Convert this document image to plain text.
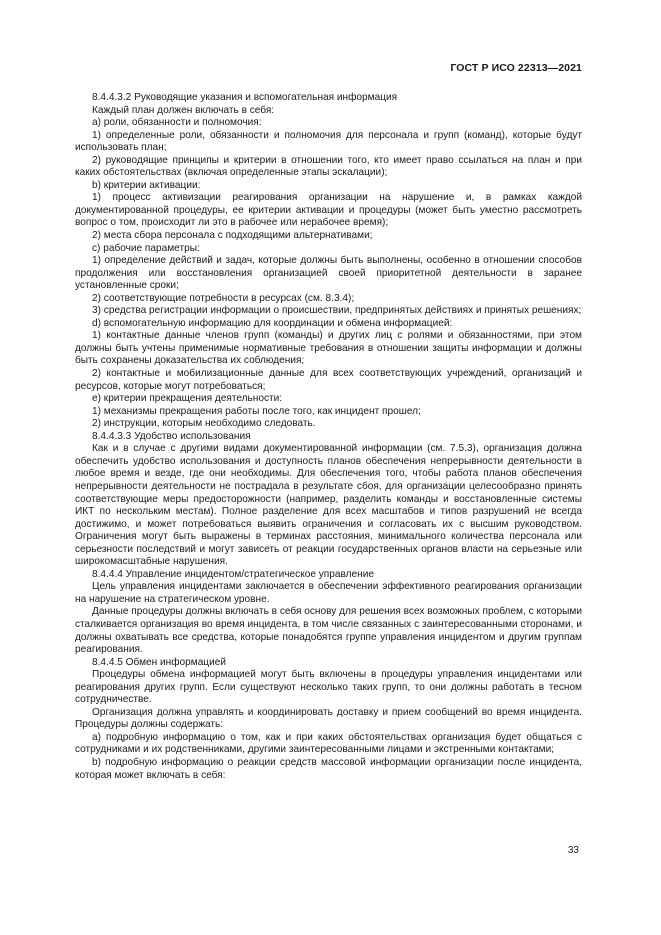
ГОСТ Р ИСО 22313—2021

8.4.4.3.2 Руководящие указания и вспомогательная информация

Каждый план должен включать в себя:

a) роли, обязанности и полномочия:

1) определенные роли, обязанности и полномочия для персонала и групп (команд), которые будут использовать план;

2) руководящие принципы и критерии в отношении того, кто имеет право ссылаться на план и при каких обстоятельствах (включая определенные этапы эскалации);

b) критерии активации:

1) процесс активизации реагирования организации на нарушение и, в рамках каждой документированной процедуры, ее критерии активации и процедуры (может быть уместно рассмотреть вопрос о том, происходит ли это в рабочее или нерабочее время);

2) места сбора персонала с подходящими альтернативами;

c) рабочие параметры:

1) определение действий и задач, которые должны быть выполнены, особенно в отношении способов продолжения или восстановления организацией своей приоритетной деятельности в заранее установленные сроки;

2) соответствующие потребности в ресурсах (см. 8.3.4);

3) средства регистрации информации о происшествии, предпринятых действиях и принятых решениях;

d) вспомогательную информацию для координации и обмена информацией:

1) контактные данные членов групп (команды) и других лиц с ролями и обязанностями, при этом должны быть учтены применимые нормативные требования в отношении защиты информации и должны быть сохранены доказательства их соблюдения;

2) контактные и мобилизационные данные для всех соответствующих учреждений, организаций и ресурсов, которые могут потребоваться;

e) критерии прекращения деятельности:

1) механизмы прекращения работы после того, как инцидент прошел;

2) инструкции, которым необходимо следовать.

8.4.4.3.3 Удобство использования

Как и в случае с другими видами документированной информации (см. 7.5.3), организация должна обеспечить удобство использования и доступность планов обеспечения непрерывности деятельности в любое время и везде, где они необходимы. Для обеспечения того, чтобы работа планов обеспечения непрерывности деятельности не пострадала в результате сбоя, для организации целесообразно принять соответствующие меры предосторожности (например, разделить команды и восстановленные системы ИКТ по нескольким местам). Полное разделение для всех масштабов и типов разрушений не всегда достижимо, и может потребоваться выявить ограничения и согласовать их с высшим руководством. Ограничения могут быть выражены в терминах расстояния, минимального количества персонала или серьезности последствий и могут зависеть от реакции государственных органов власти на серьезные или широкомасштабные нарушения.

8.4.4.4 Управление инцидентом/стратегическое управление

Цель управления инцидентами заключается в обеспечении эффективного реагирования организации на нарушение на стратегическом уровне.

Данные процедуры должны включать в себя основу для решения всех возможных проблем, с которыми сталкивается организация во время инцидента, в том числе связанных с заинтересованными сторонами, и должны охватывать все средства, которые понадобятся группе управления инцидентом и другим группам реагирования.

8.4.4.5 Обмен информацией

Процедуры обмена информацией могут быть включены в процедуры управления инцидентами или реагирования других групп. Если существуют несколько таких групп, то они должны работать в тесном сотрудничестве.

Организация должна управлять и координировать доставку и прием сообщений во время инцидента. Процедуры должны содержать:

a) подробную информацию о том, как и при каких обстоятельствах организация будет общаться с сотрудниками и их родственниками, другими заинтересованными лицами и экстренными контактами;

b) подробную информацию о реакции средств массовой информации организации после инцидента, которая может включать в себя:

33
